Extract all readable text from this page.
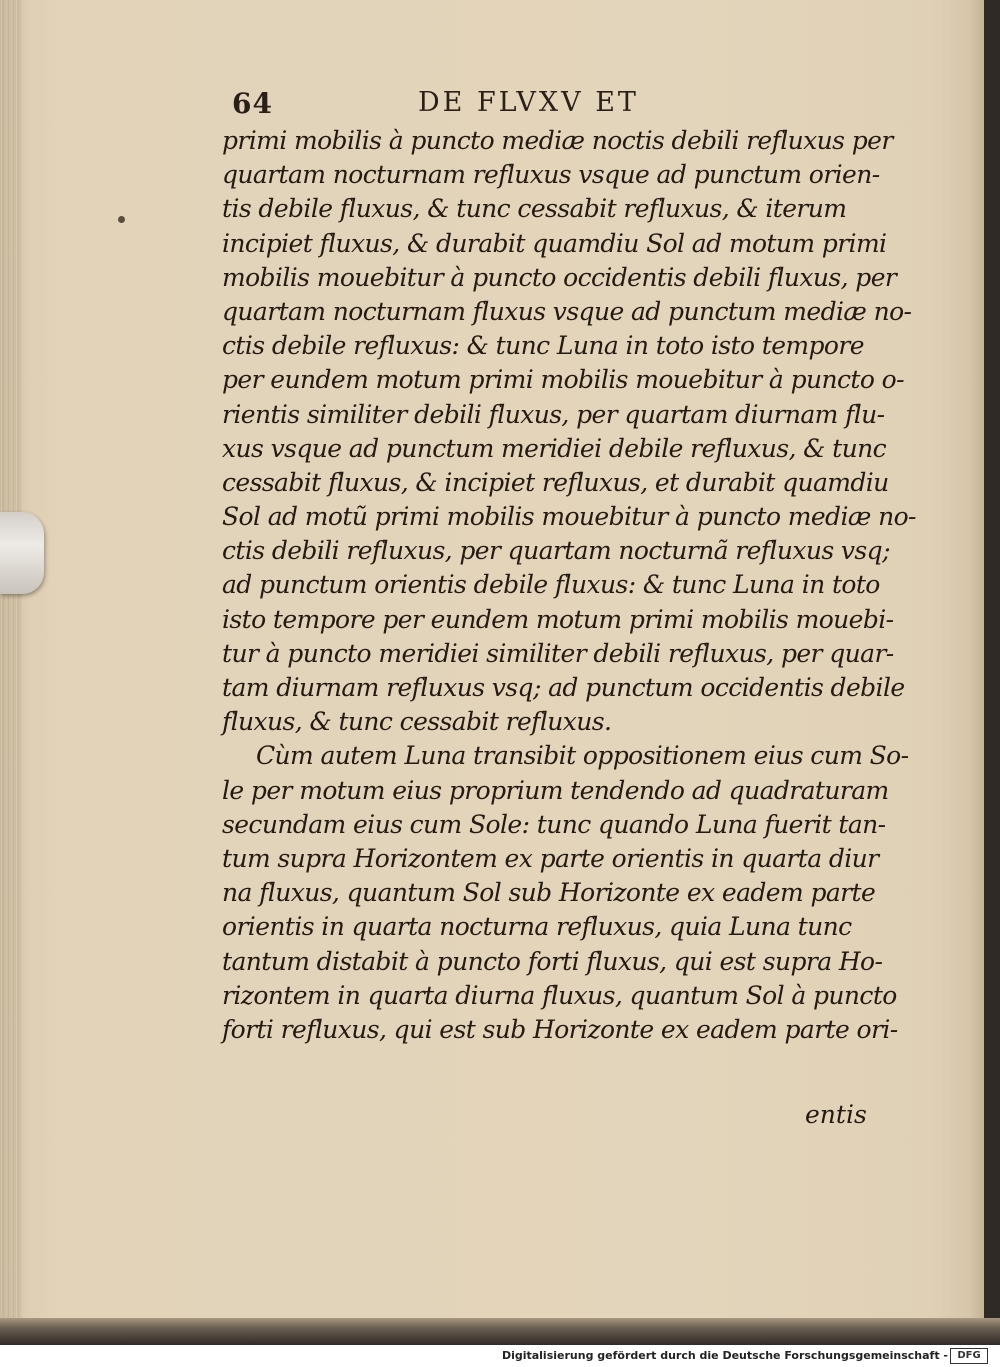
64	DE FLVXV ET
primi mobilis à puncto mediæ noctis debili refluxus per
quartam nocturnam refluxus vsque ad punctum orien-
tis debile fluxus, & tunc cessabit refluxus, & iterum
incipiet fluxus, & durabit quamdiu Sol ad motum primi
mobilis mouebitur à puncto occidentis debili fluxus, per
quartam nocturnam fluxus vsque ad punctum mediæ no-
ctis debile refluxus: & tunc Luna in toto isto tempore
per eundem motum primi mobilis mouebitur à puncto o-
rientis similiter debili fluxus, per quartam diurnam flu-
xus vsque ad punctum meridiei debile refluxus, & tunc
cessabit fluxus, & incipiet refluxus, et durabit quamdiu
Sol ad motũ primi mobilis mouebitur à puncto mediæ no-
ctis debili refluxus, per quartam nocturnã refluxus vsq;
ad punctum orientis debile fluxus: & tunc Luna in toto
isto tempore per eundem motum primi mobilis mouebi-
tur à puncto meridiei similiter debili refluxus, per quar-
tam diurnam refluxus vsq; ad punctum occidentis debile
fluxus, & tunc cessabit refluxus.
Cùm autem Luna transibit oppositionem eius cum So-
le per motum eius proprium tendendo ad quadraturam
secundam eius cum Sole: tunc quando Luna fuerit tan-
tum supra Horizontem ex parte orientis in quarta diur
na fluxus, quantum Sol sub Horizonte ex eadem parte
orientis in quarta nocturna refluxus, quia Luna tunc
tantum distabit à puncto forti fluxus, qui est supra Ho-
rizontem in quarta diurna fluxus, quantum Sol à puncto
forti refluxus, qui est sub Horizonte ex eadem parte ori-
entis
Digitalisierung gefördert durch die Deutsche Forschungsgemeinschaft - DFG
